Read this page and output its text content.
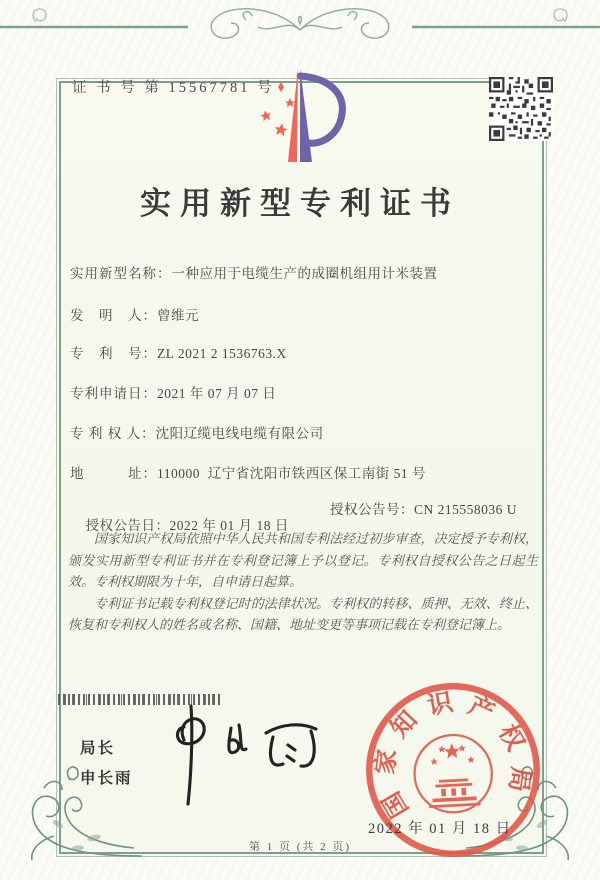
证 书 号 第 15567781 号
实用新型专利证书
实用新型名称：一种应用于电缆生产的成圈机组用计米装置
发　明　人：曾维元
专　利　号：ZL 2021 2 1536763.X
专利申请日：2021 年 07 月 07 日
专 利 权 人：沈阳辽缆电线电缆有限公司
地　　　址：110000  辽宁省沈阳市铁西区保工南街 51 号

授权公告日：2022 年 01 月 18 日

授权公告号：CN 215558036 U

国家知识产权局依照中华人民共和国专利法经过初步审查，决定授予专利权，颁发实用新型专利证书并在专利登记簿上予以登记。专利权自授权公告之日起生效。专利权期限为十年，自申请日起算。

专利证书记载专利权登记时的法律状况。专利权的转移、质押、无效、终止、恢复和专利权人的姓名或名称、国籍、地址变更等事项记载在专利登记簿上。

局长
申长雨
国
家
知
识 产
权
局
2022 年 01 月 18 日
第 1 页 (共 2 页)
